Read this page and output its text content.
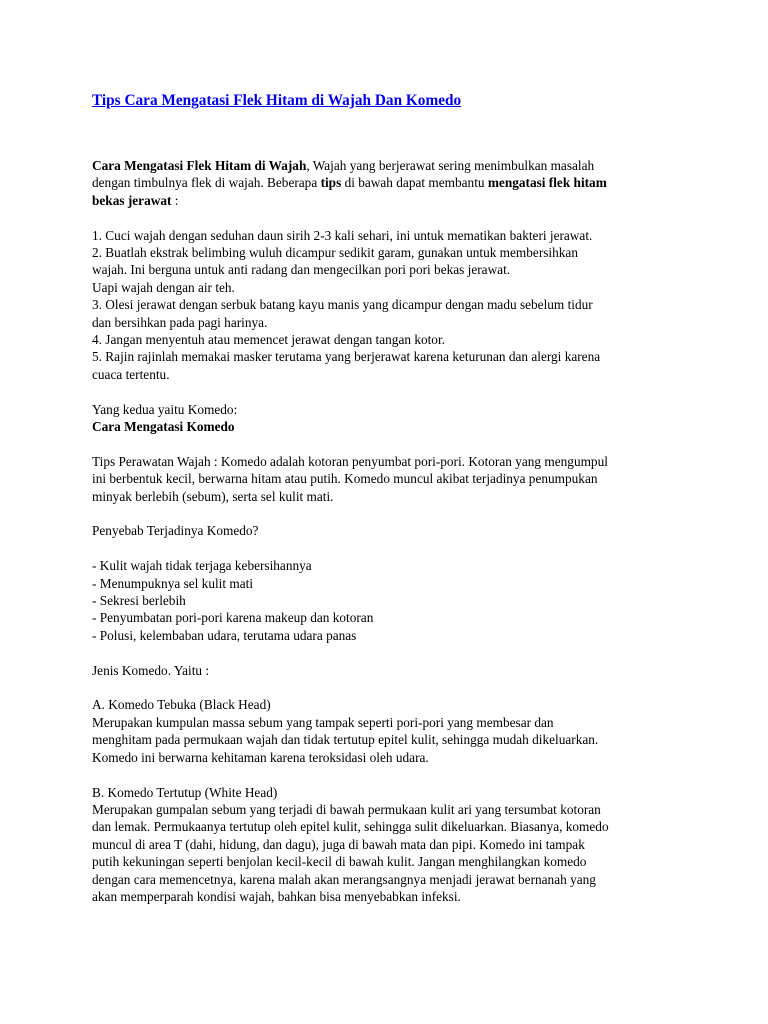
Tips Cara Mengatasi Flek Hitam di Wajah Dan Komedo

Cara Mengatasi Flek Hitam di Wajah, Wajah yang berjerawat sering menimbulkan masalah

dengan timbulnya flek di wajah. Beberapa tips di bawah dapat membantu mengatasi flek hitam

bekas jerawat :

1. Cuci wajah dengan seduhan daun sirih 2-3 kali sehari, ini untuk mematikan bakteri jerawat.

2. Buatlah ekstrak belimbing wuluh dicampur sedikit garam, gunakan untuk membersihkan

wajah. Ini berguna untuk anti radang dan mengecilkan pori pori bekas jerawat.

Uapi wajah dengan air teh.

3. Olesi jerawat dengan serbuk batang kayu manis yang dicampur dengan madu sebelum tidur

dan bersihkan pada pagi harinya.

4. Jangan menyentuh atau memencet jerawat dengan tangan kotor.

5. Rajin rajinlah memakai masker terutama yang berjerawat karena keturunan dan alergi karena

cuaca tertentu.

Yang kedua yaitu Komedo:

Cara Mengatasi Komedo

Tips Perawatan Wajah : Komedo adalah kotoran penyumbat pori-pori. Kotoran yang mengumpul

ini berbentuk kecil, berwarna hitam atau putih. Komedo muncul akibat terjadinya penumpukan

minyak berlebih (sebum), serta sel kulit mati.

Penyebab Terjadinya Komedo?

- Kulit wajah tidak terjaga kebersihannya

- Menumpuknya sel kulit mati

- Sekresi berlebih

- Penyumbatan pori-pori karena makeup dan kotoran

- Polusi, kelembaban udara, terutama udara panas

Jenis Komedo. Yaitu :

A. Komedo Tebuka (Black Head)

Merupakan kumpulan massa sebum yang tampak seperti pori-pori yang membesar dan

menghitam pada permukaan wajah dan tidak tertutup epitel kulit, sehingga mudah dikeluarkan.

Komedo ini berwarna kehitaman karena teroksidasi oleh udara.

B. Komedo Tertutup (White Head)

Merupakan gumpalan sebum yang terjadi di bawah permukaan kulit ari yang tersumbat kotoran

dan lemak. Permukaanya tertutup oleh epitel kulit, sehingga sulit dikeluarkan. Biasanya, komedo

muncul di area T (dahi, hidung, dan dagu), juga di bawah mata dan pipi. Komedo ini tampak

putih kekuningan seperti benjolan kecil-kecil di bawah kulit. Jangan menghilangkan komedo

dengan cara memencetnya, karena malah akan merangsangnya menjadi jerawat bernanah yang

akan memperparah kondisi wajah, bahkan bisa menyebabkan infeksi.
